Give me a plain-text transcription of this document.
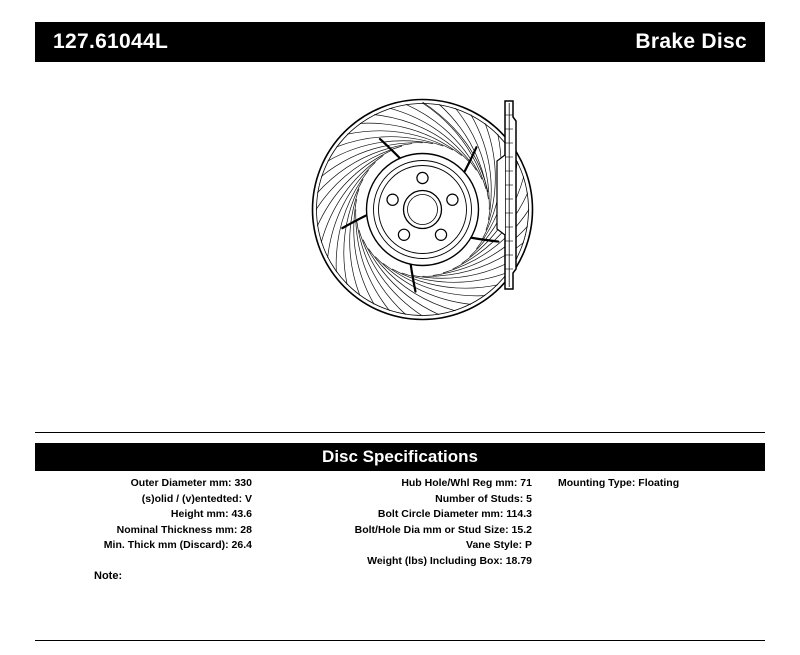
127.61044L	Brake Disc
Disc Specifications
Outer Diameter mm: 330
(s)olid / (v)entedted: V
Height mm: 43.6
Nominal Thickness mm: 28
Min. Thick mm (Discard): 26.4
Hub Hole/Whl Reg mm: 71
Number of Studs: 5
Bolt Circle Diameter mm: 114.3
Bolt/Hole Dia mm or Stud Size: 15.2
Vane Style: P
Weight (lbs) Including Box: 18.79
Mounting Type: Floating
Note:
